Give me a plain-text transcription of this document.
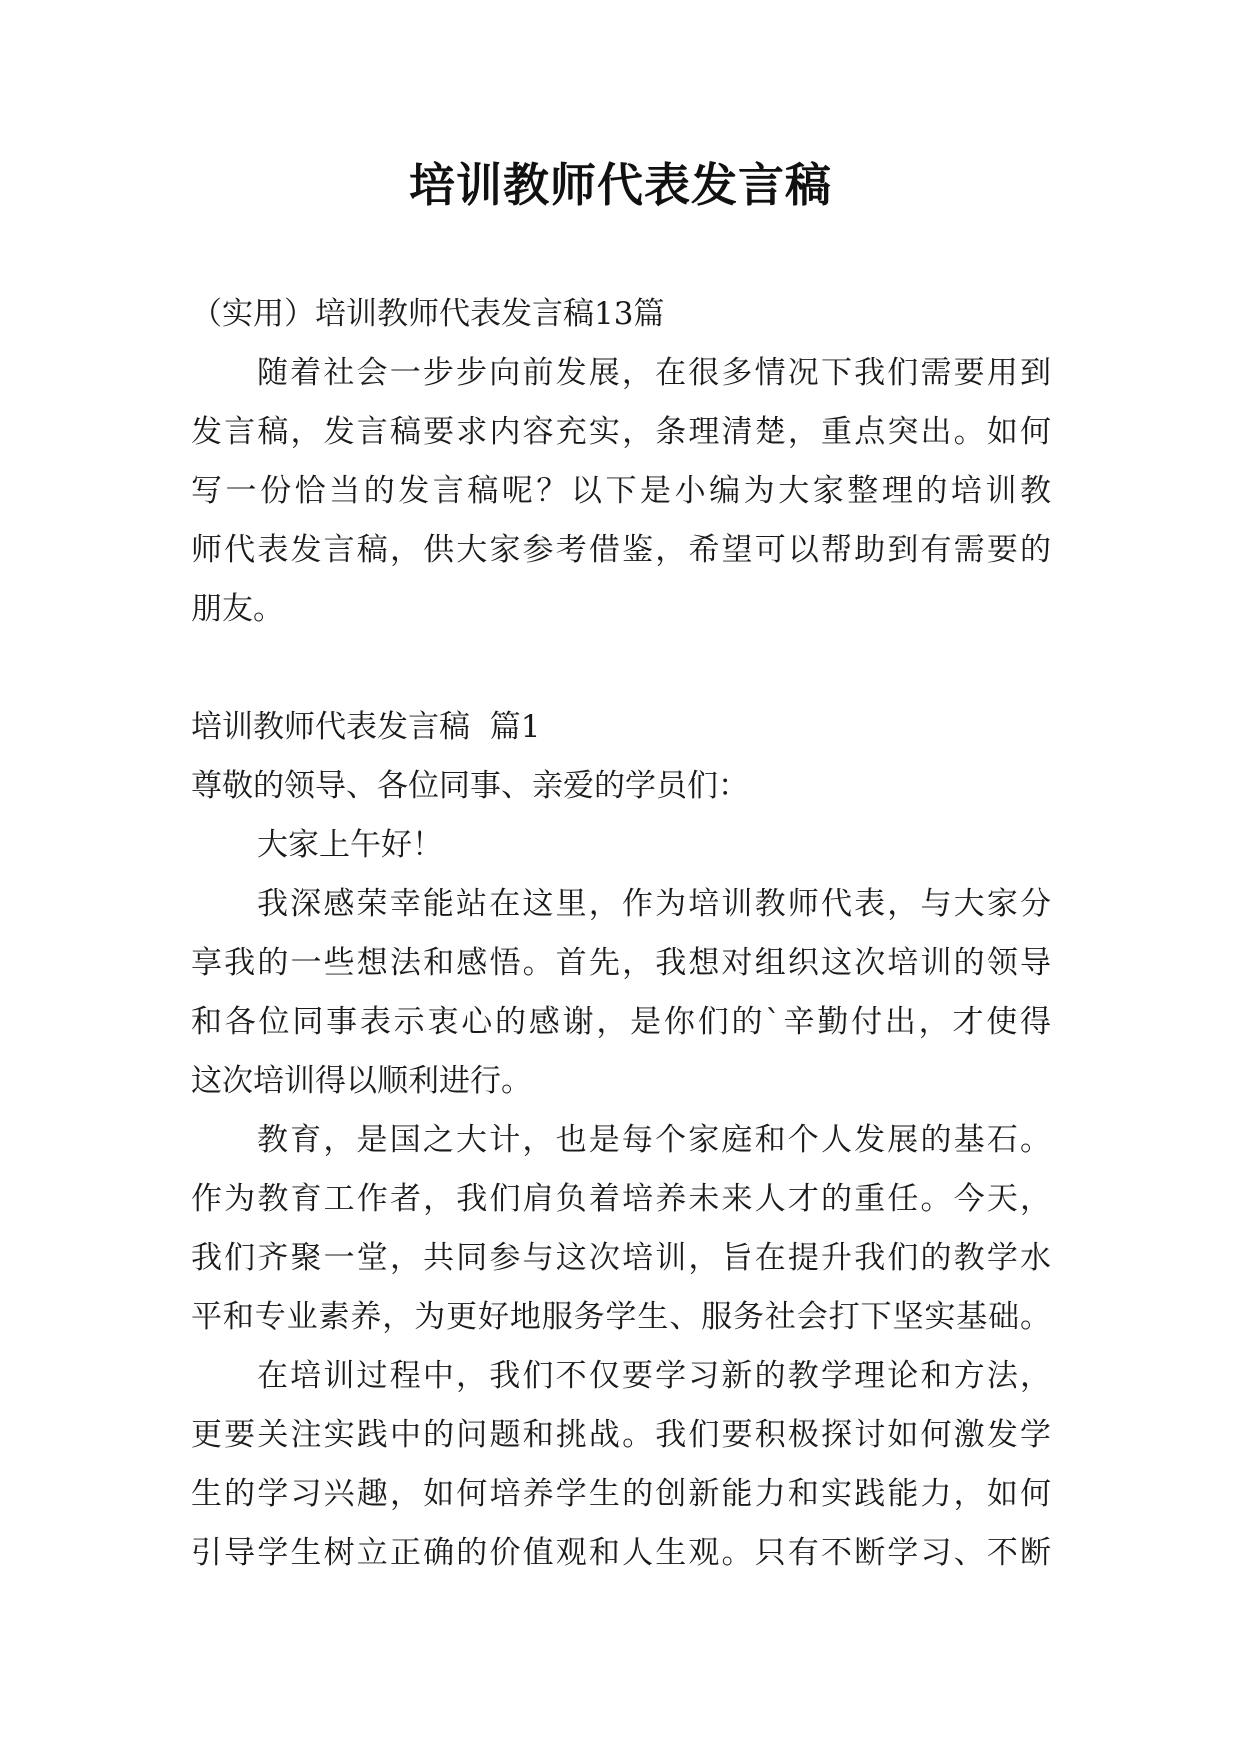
培训教师代表发言稿
（实用）培训教师代表发言稿13篇
随着社会一步步向前发展，在很多情况下我们需要用到
发言稿，发言稿要求内容充实，条理清楚，重点突出。如何
写一份恰当的发言稿呢？以下是小编为大家整理的培训教
师代表发言稿，供大家参考借鉴，希望可以帮助到有需要的
朋友。
培训教师代表发言稿  篇1
尊敬的领导、各位同事、亲爱的学员们：
大家上午好！
我深感荣幸能站在这里，作为培训教师代表，与大家分
享我的一些想法和感悟。首先，我想对组织这次培训的领导
和各位同事表示衷心的感谢，是你们的`辛勤付出，才使得
这次培训得以顺利进行。
教育，是国之大计，也是每个家庭和个人发展的基石。
作为教育工作者，我们肩负着培养未来人才的重任。今天，
我们齐聚一堂，共同参与这次培训，旨在提升我们的教学水
平和专业素养，为更好地服务学生、服务社会打下坚实基础。
在培训过程中，我们不仅要学习新的教学理论和方法，
更要关注实践中的问题和挑战。我们要积极探讨如何激发学
生的学习兴趣，如何培养学生的创新能力和实践能力，如何
引导学生树立正确的价值观和人生观。只有不断学习、不断
